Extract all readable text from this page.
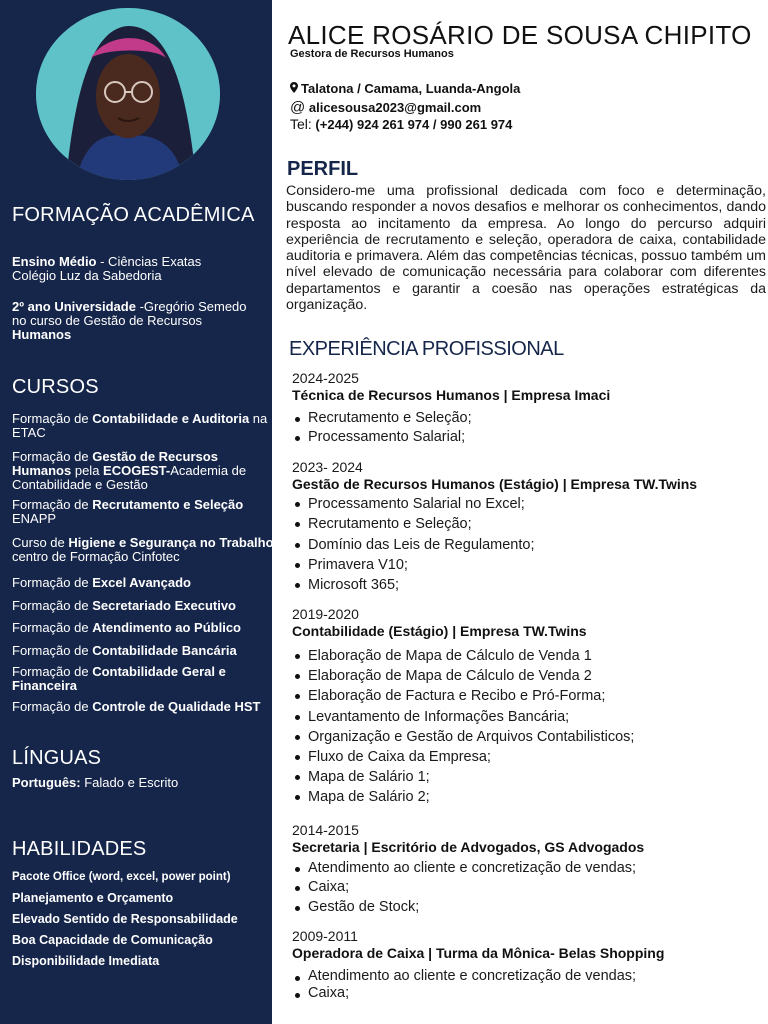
FORMAÇÃO ACADÊMICA
Ensino Médio - Ciências Exatas
Colégio Luz da Sabedoria
2º ano Universidade -Gregório Semedo
no curso de Gestão de Recursos
Humanos
CURSOS
Formação de Contabilidade e Auditoria na ETAC
Formação de Gestão de Recursos Humanos pela ECOGEST-Academia de Contabilidade e Gestão
Formação de Recrutamento e Seleção ENAPP
Curso de Higiene e Segurança no Trabalho centro de Formação Cinfotec
Formação de Excel Avançado
Formação de Secretariado Executivo
Formação de Atendimento ao Público
Formação de Contabilidade Bancária
Formação de Contabilidade Geral e Financeira
Formação de Controle de Qualidade HST
LÍNGUAS
Português: Falado e Escrito
HABILIDADES
Pacote Office (word, excel, power point)
Planejamento e Orçamento
Elevado Sentido de Responsabilidade
Boa Capacidade de Comunicação
Disponibilidade Imediata
ALICE ROSÁRIO DE SOUSA CHIPITO
Gestora de Recursos Humanos
Talatona / Camama, Luanda-Angola
@ alicesousa2023@gmail.com
Tel: (+244) 924 261 974 / 990 261 974
PERFIL
Considero-me uma profissional dedicada com foco e determinação, buscando responder a novos desafios e melhorar os conhecimentos, dando resposta ao incitamento da empresa. Ao longo do percurso adquiri experiência de recrutamento e seleção, operadora de caixa, contabilidade auditoria e primavera. Além das competências técnicas, possuo também um nível elevado de comunicação necessária para colaborar com diferentes departamentos e garantir a coesão nas operações estratégicas da organização.
EXPERIÊNCIA PROFISSIONAL
2024-2025
Técnica de Recursos Humanos | Empresa Imaci
Recrutamento e Seleção;
Processamento Salarial;
2023- 2024
Gestão de Recursos Humanos (Estágio) | Empresa TW.Twins
Processamento Salarial no Excel;
Recrutamento e Seleção;
Domínio das Leis de Regulamento;
Primavera V10;
Microsoft 365;
2019-2020
Contabilidade (Estágio) | Empresa TW.Twins
Elaboração de Mapa de Cálculo de Venda 1
Elaboração de Mapa de Cálculo de Venda 2
Elaboração de Factura e Recibo e Pró-Forma;
Levantamento de Informações Bancária;
Organização e Gestão de Arquivos Contabilisticos;
Fluxo de Caixa da Empresa;
Mapa de Salário 1;
Mapa de Salário 2;
2014-2015
Secretaria | Escritório de Advogados, GS Advogados
Atendimento ao cliente e concretização de vendas;
Caixa;
Gestão de Stock;
2009-2011
Operadora de Caixa | Turma da Mônica- Belas Shopping
Atendimento ao cliente e concretização de vendas;
Caixa;
